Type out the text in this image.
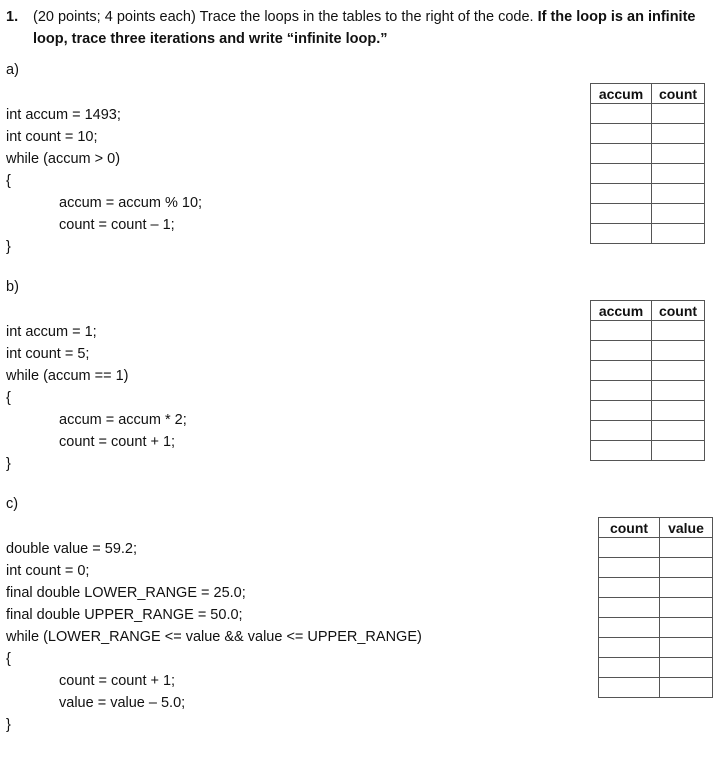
1. (20 points; 4 points each) Trace the loops in the tables to the right of the code. If the loop is an infinite loop, trace three iterations and write “infinite loop.”
a)
int accum = 1493;
int count = 10;
while (accum > 0)
{
accum = accum % 10;
count = count – 1;
}
accum	count

b)
int accum = 1;
int count = 5;
while (accum == 1)
{
accum = accum * 2;
count = count + 1;
}
accum	count

c)
double value = 59.2;
int count = 0;
final double LOWER_RANGE = 25.0;
final double UPPER_RANGE = 50.0;
while (LOWER_RANGE <= value && value <= UPPER_RANGE)
{
count = count + 1;
value = value – 5.0;
}
count	value
